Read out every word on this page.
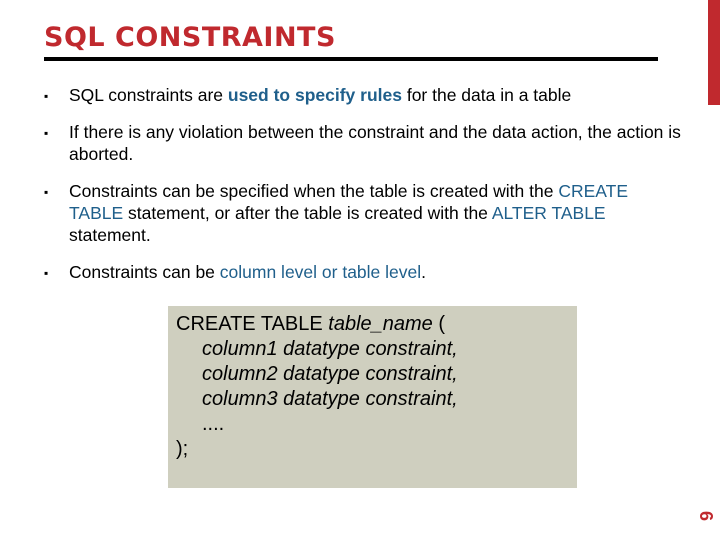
SQL CONSTRAINTS
▪ SQL constraints are used to specify rules for the data in a table
▪ If there is any violation between the constraint and the data action, the action is aborted.
▪ Constraints can be specified when the table is created with the CREATE TABLE statement, or after the table is created with the ALTER TABLE statement.
▪ Constraints can be column level or table level.
CREATE TABLE table_name (
column1 datatype constraint,
column2 datatype constraint,
column3 datatype constraint,
....
);
6
